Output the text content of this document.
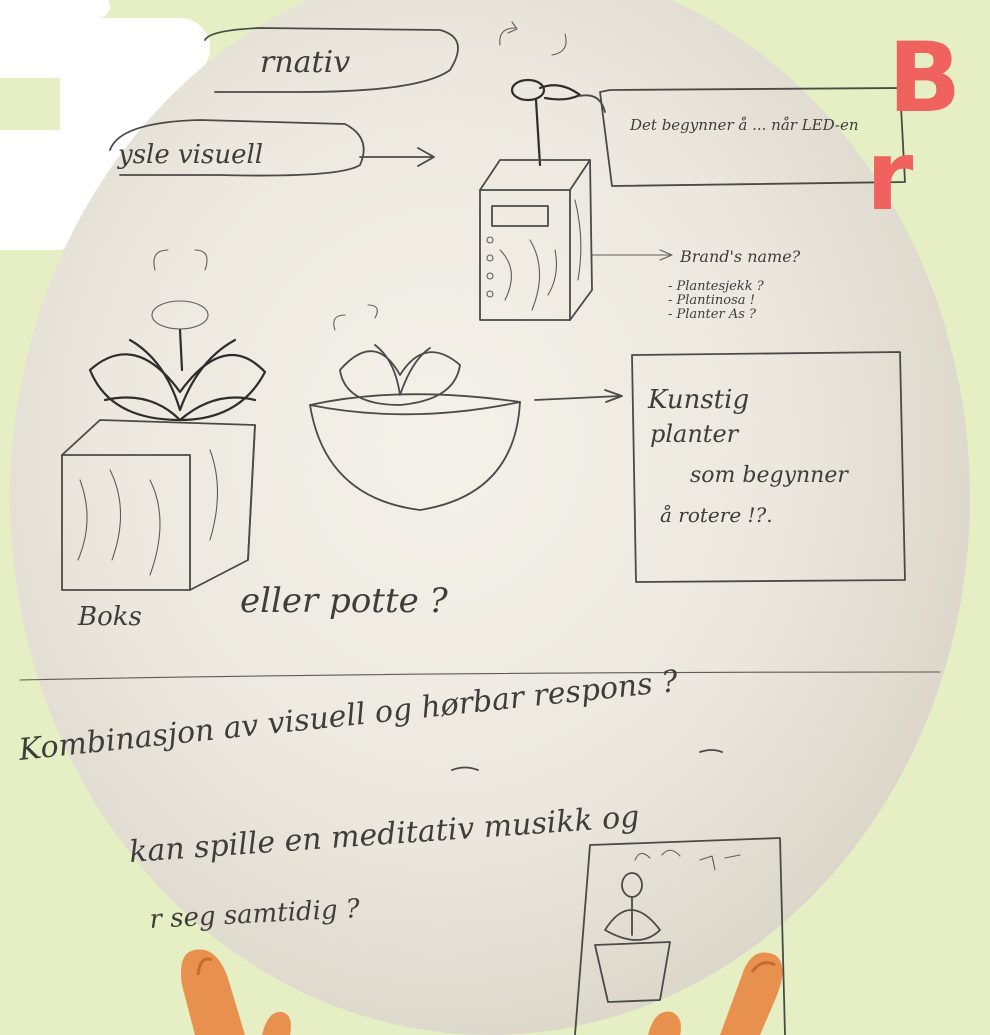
rnativ
ysle visuell
Det begynner å ... når LED-en
Brand's name?
- Plantesjekk ?
- Plantinosa !
- Planter As ?
Kunstig
planter
som begynner
å rotere !?.
Boks	eller potte ?
Kombinasjon av visuell og hørbar respons ?
kan spille en meditativ musikk og
r seg samtidig ?
B
r
